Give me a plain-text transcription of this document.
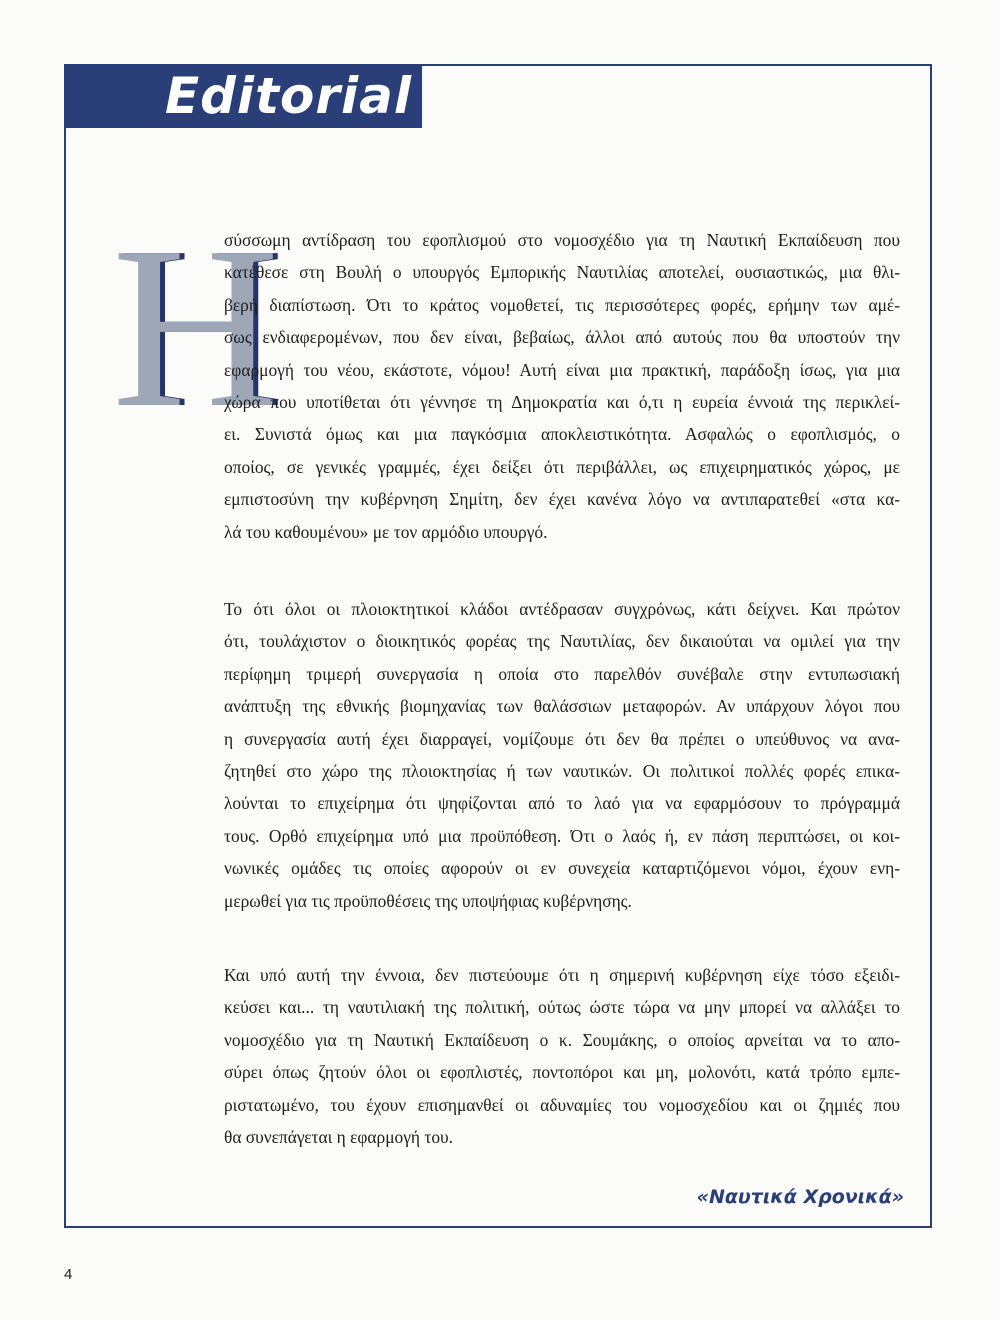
Editorial
Η
σύσσωμη αντίδραση του εφοπλισμού στο νομοσχέδιο για τη Ναυτική Εκπαίδευση που
κατέθεσε στη Βουλή ο υπουργός Εμπορικής Ναυτιλίας αποτελεί, ουσιαστικώς, μια θλι-
βερή διαπίστωση. Ότι το κράτος νομοθετεί, τις περισσότερες φορές, ερήμην των αμέ-
σως ενδιαφερομένων, που δεν είναι, βεβαίως, άλλοι από αυτούς που θα υποστούν την
εφαρμογή του νέου, εκάστοτε, νόμου! Αυτή είναι μια πρακτική, παράδοξη ίσως, για μια
χώρα που υποτίθεται ότι γέννησε τη Δημοκρατία και ό,τι η ευρεία έννοιά της περικλεί-
ει. Συνιστά όμως και μια παγκόσμια αποκλειστικότητα. Ασφαλώς ο εφοπλισμός, ο
οποίος, σε γενικές γραμμές, έχει δείξει ότι περιβάλλει, ως επιχειρηματικός χώρος, με
εμπιστοσύνη την κυβέρνηση Σημίτη, δεν έχει κανένα λόγο να αντιπαρατεθεί «στα κα-
λά του καθουμένου» με τον αρμόδιο υπουργό.
Το ότι όλοι οι πλοιοκτητικοί κλάδοι αντέδρασαν συγχρόνως, κάτι δείχνει. Και πρώτον
ότι, τουλάχιστον ο διοικητικός φορέας της Ναυτιλίας, δεν δικαιούται να ομιλεί για την
περίφημη τριμερή συνεργασία η οποία στο παρελθόν συνέβαλε στην εντυπωσιακή
ανάπτυξη της εθνικής βιομηχανίας των θαλάσσιων μεταφορών. Αν υπάρχουν λόγοι που
η συνεργασία αυτή έχει διαρραγεί, νομίζουμε ότι δεν θα πρέπει ο υπεύθυνος να ανα-
ζητηθεί στο χώρο της πλοιοκτησίας ή των ναυτικών. Οι πολιτικοί πολλές φορές επικα-
λούνται το επιχείρημα ότι ψηφίζονται από το λαό για να εφαρμόσουν το πρόγραμμά
τους. Ορθό επιχείρημα υπό μια προϋπόθεση. Ότι ο λαός ή, εν πάση περιπτώσει, οι κοι-
νωνικές ομάδες τις οποίες αφορούν οι εν συνεχεία καταρτιζόμενοι νόμοι, έχουν ενη-
μερωθεί για τις προϋποθέσεις της υποψήφιας κυβέρνησης.
Και υπό αυτή την έννοια, δεν πιστεύουμε ότι η σημερινή κυβέρνηση είχε τόσο εξειδι-
κεύσει και... τη ναυτιλιακή της πολιτική, ούτως ώστε τώρα να μην μπορεί να αλλάξει το
νομοσχέδιο για τη Ναυτική Εκπαίδευση ο κ. Σουμάκης, ο οποίος αρνείται να το απο-
σύρει όπως ζητούν όλοι οι εφοπλιστές, ποντοπόροι και μη, μολονότι, κατά τρόπο εμπε-
ριστατωμένο, του έχουν επισημανθεί οι αδυναμίες του νομοσχεδίου και οι ζημιές που
θα συνεπάγεται η εφαρμογή του.
«Ναυτικά Χρονικά»
4
